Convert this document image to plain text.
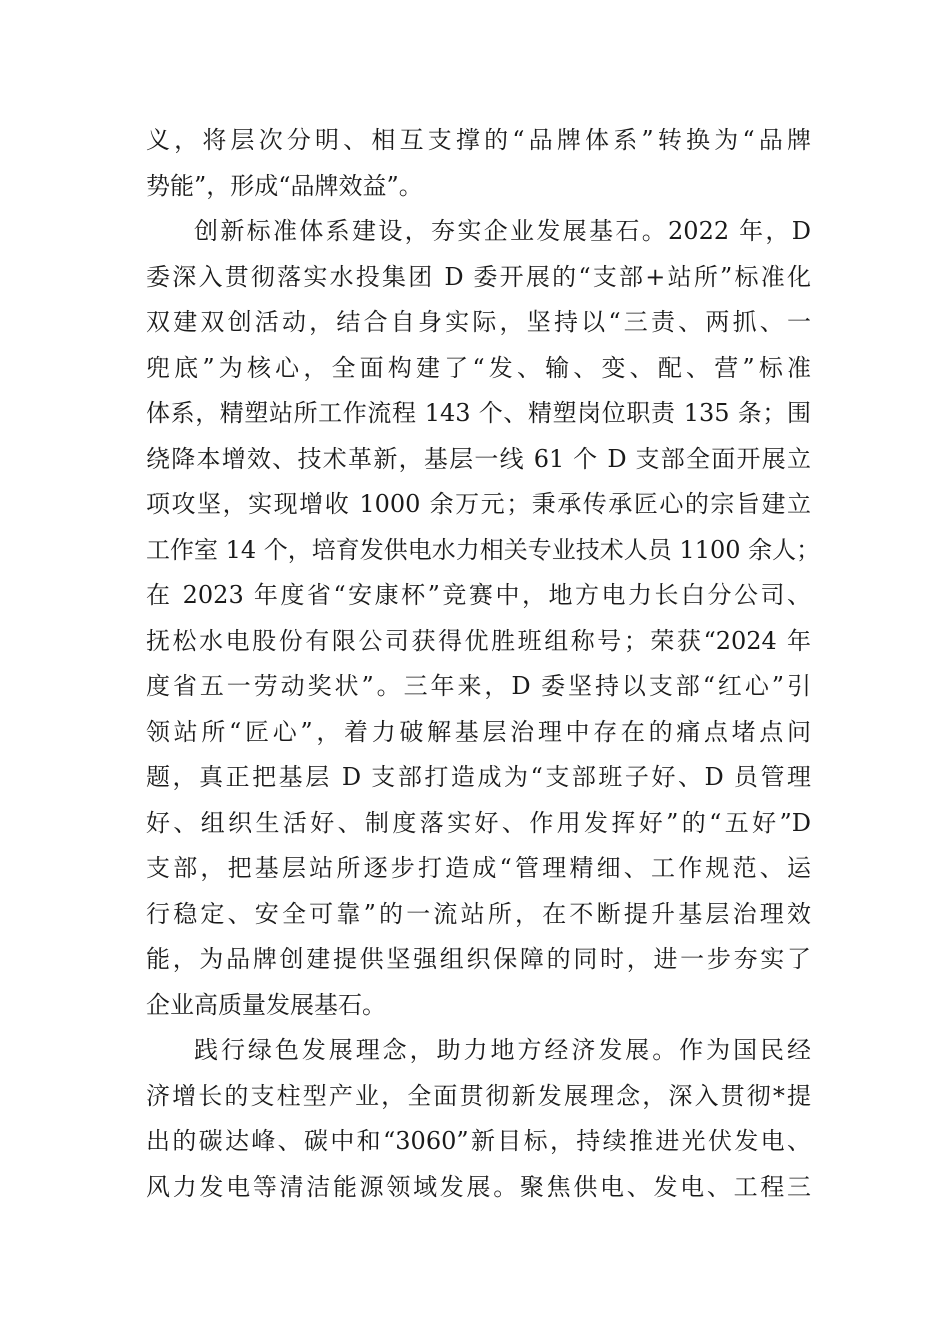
义，将层次分明、相互支撑的“品牌体系”转换为“品牌
势能”，形成“品牌效益”。
创新标准体系建设，夯实企业发展基石。2022 年，D
委深入贯彻落实水投集团 D 委开展的“支部+站所”标准化
双建双创活动，结合自身实际，坚持以“三责、两抓、一
兜底”为核心，全面构建了“发、输、变、配、营”标准
体系，精塑站所工作流程 143 个、精塑岗位职责 135 条；围
绕降本增效、技术革新，基层一线 61 个 D 支部全面开展立
项攻坚，实现增收 1000 余万元；秉承传承匠心的宗旨建立
工作室 14 个，培育发供电水力相关专业技术人员 1100 余人；
在 2023 年度省“安康杯”竞赛中，地方电力长白分公司、
抚松水电股份有限公司获得优胜班组称号；荣获“2024 年
度省五一劳动奖状”。三年来，D 委坚持以支部“红心”引
领站所“匠心”，着力破解基层治理中存在的痛点堵点问
题，真正把基层 D 支部打造成为“支部班子好、D 员管理
好、组织生活好、制度落实好、作用发挥好”的“五好”D
支部，把基层站所逐步打造成“管理精细、工作规范、运
行稳定、安全可靠”的一流站所，在不断提升基层治理效
能，为品牌创建提供坚强组织保障的同时，进一步夯实了
企业高质量发展基石。
践行绿色发展理念，助力地方经济发展。作为国民经
济增长的支柱型产业，全面贯彻新发展理念，深入贯彻*提
出的碳达峰、碳中和“3060”新目标，持续推进光伏发电、
风力发电等清洁能源领域发展。聚焦供电、发电、工程三
